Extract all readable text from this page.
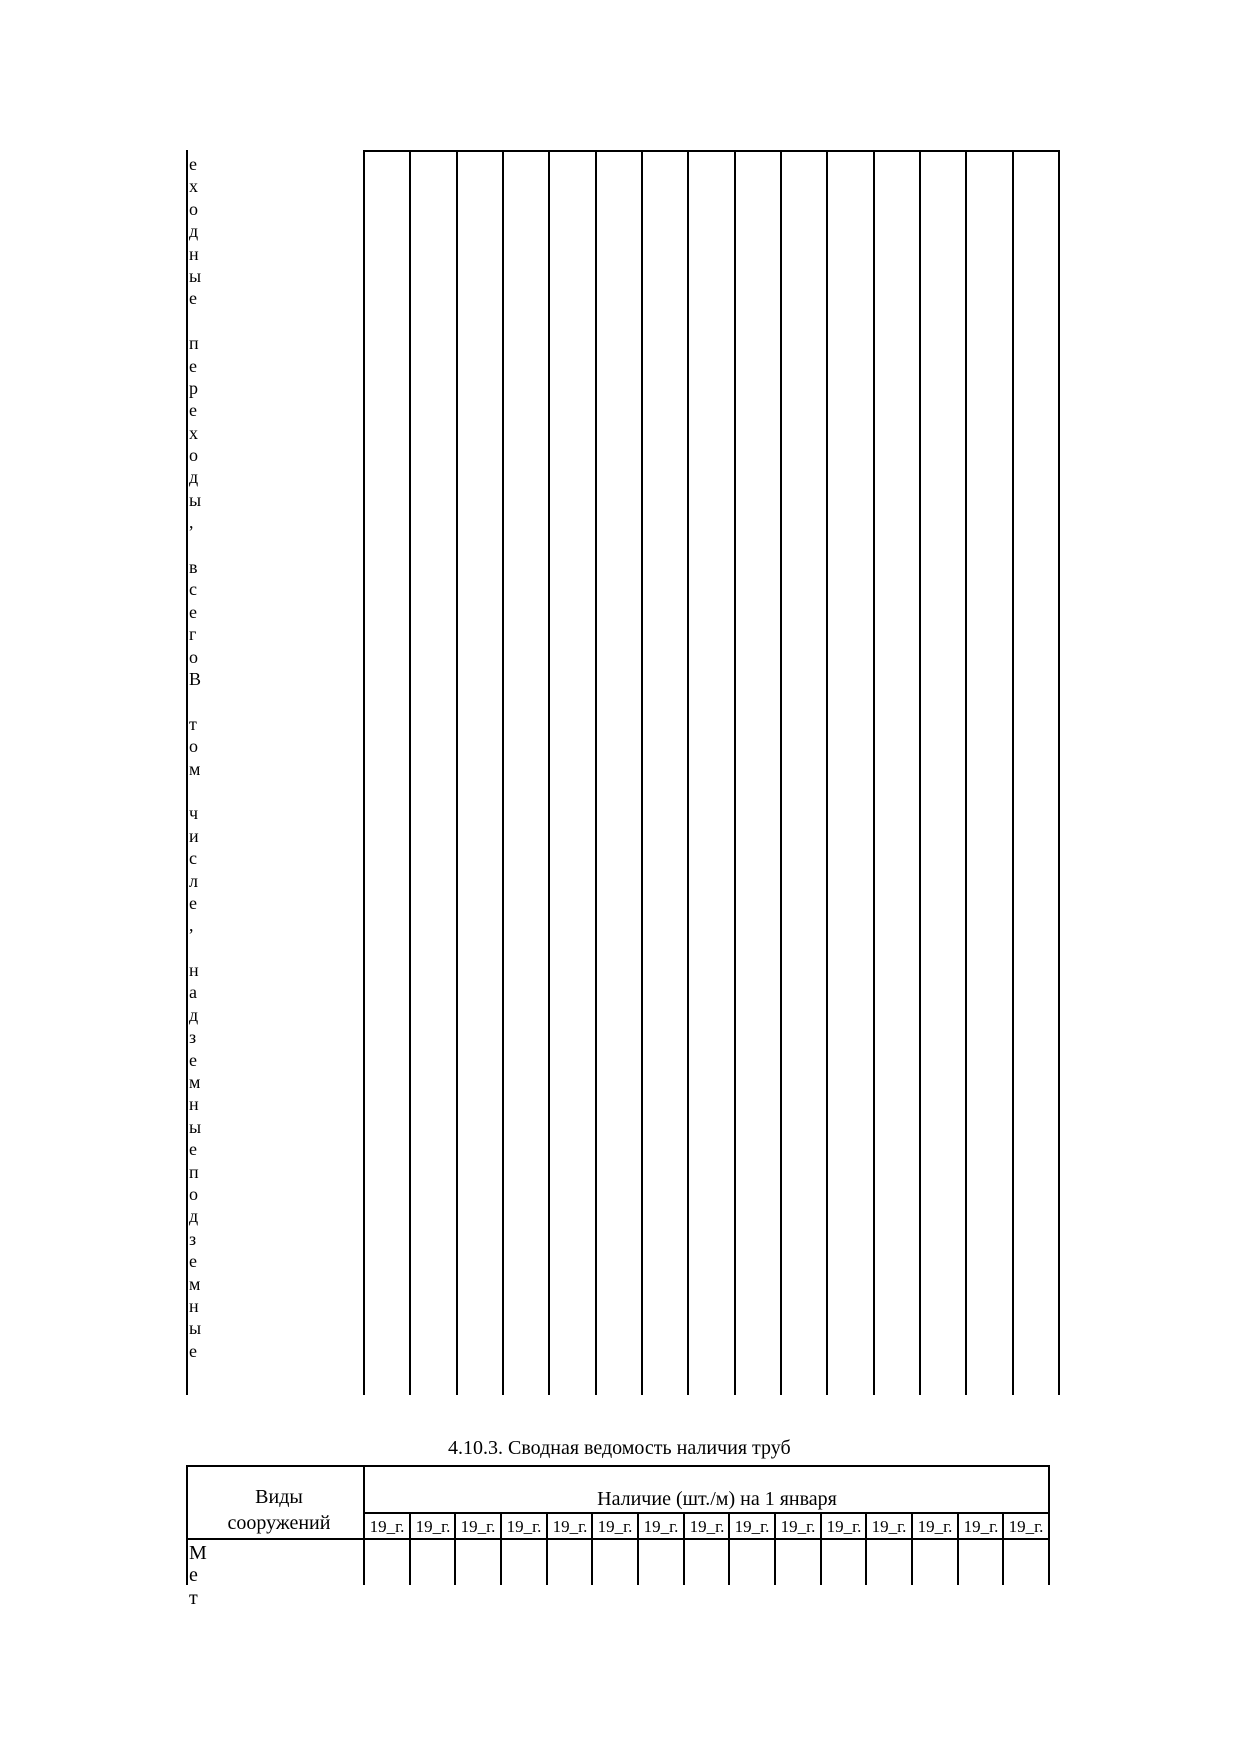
е
х
о
д
н
ы
е

п
е
р
е
х
о
д
ы
,

в
с
е
г
о
В

т
о
м

ч
и
с
л
е
,

н
а
д
з
е
м
н
ы
е
п
о
д
з
е
м
н
ы
е
4.10.3. Сводная ведомость наличия труб
Виды
сооружений
Наличие (шт./м) на 1 января
19_г. 19_г. 19_г. 19_г. 19_г. 19_г. 19_г. 19_г. 19_г. 19_г. 19_г. 19_г. 19_г. 19_г. 19_г.
М
е
т
